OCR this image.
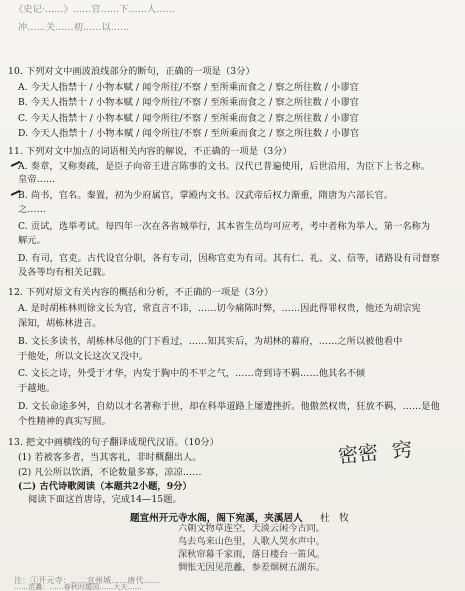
《史记·……》……官……下……人……
冲……关……初……以……
10. 下列对文中画波浪线部分的断句，正确的一项是（3分）
A. 今天人指禁十 / 小物本赋 / 闻令所往/不察 / 至所乘而食之 / 察之所往数 / 小谬官
B. 今天人指禁十 / 小物本赋 / 闻令所往/不察 / 至所乘而食之 / 察之所往数 / 小谬官
C. 今天人指禁十 / 小物本赋 / 闻令所往/不察 / 至所乘而食之 / 察之所往数 / 小谬官
D. 今天人指禁十 / 小物本赋 / 闻令所往/不察 / 至所乘而食之 / 察之所往数 / 小谬官
11. 下列对文中加点的词语相关内容的解说，不正确的一项是（3分）
A. 奏章，又称奏疏，是臣子向帝王进言陈事的文书。汉代已普遍使用，后世沿用，为臣下上书之称。
皇帝……
B. 尚书，官名。秦置，初为少府属官，掌殿内文书。汉武帝后权力渐重，隋唐为六部长官。
之……
C. 贡试，选举考试。每四年一次在各省城举行，其本省生员均可应考，考中者称为举人，第一名称为
解元。
D. 有司，官吏。古代设官分职，各有专司，因称官吏为有司。其有仁、礼、义、信等，诸路设有司督察
及各等均有相关记载。
12. 下列对原文有关内容的概括和分析，不正确的一项是（3分）
A. 是时胡栋林则徐文长为官，常直言不讳，……切今痛陈时弊，……因此得罪权贵，他还为胡宗宪
深知，胡栋林进言。
B. 文长多读书，胡栋林尽他的门下看过，……知其实后，为胡林的幕府，……之所以被他看中
于他处，所以文长这次又没中。
C. 文长之诗，外受于才华，内发于胸中的不平之气，……奇到诗不羁……他其名不倾
于越地。
D. 文长命途多舛，自幼以才名著称于世，却在科举道路上屡遭挫折。他傲然权贵，狂放不羁，……是他
个性精神的真实写照。
13. 把文中画横线的句子翻译成现代汉语。（10分）
(1) 若被客多者，当其客礼，非时概翻出人。
(2) 凡公所以饮酒，不论数量多寡，凉凉……
密密 窍
(二) 古代诗歌阅读（本题共2小题，9分）
阅读下面这首唐诗，完成14—15题。
题宣州开元寺水阁，阁下宛溪，夹溪居人 杜　牧
六朝文物草连空，天淡云闲今古同。
鸟去鸟来山色里，人歌人哭水声中。
深秋帘幕千家雨，落日楼台一笛风。
惆怅无因见范蠡，参差烟树五湖东。
注：①开元寺：……宣州城……唐代……
……范蠡：……春秋时越国……大夫……
